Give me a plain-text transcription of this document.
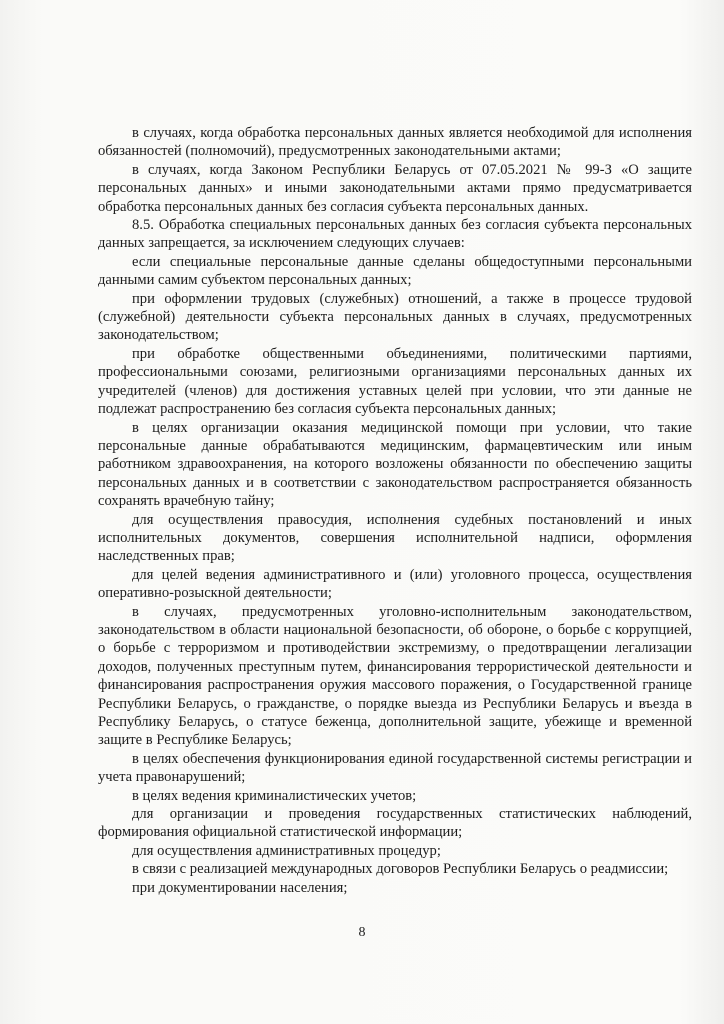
в случаях, когда обработка персональных данных является необходимой для исполнения обязанностей (полномочий), предусмотренных законодательными актами;

в случаях, когда Законом Республики Беларусь от 07.05.2021 № 99-З «О защите персональных данных» и иными законодательными актами прямо предусматривается обработка персональных данных без согласия субъекта персональных данных.

8.5. Обработка специальных персональных данных без согласия субъекта персональных данных запрещается, за исключением следующих случаев:

если специальные персональные данные сделаны общедоступными персональными данными самим субъектом персональных данных;

при оформлении трудовых (служебных) отношений, а также в процессе трудовой (служебной) деятельности субъекта персональных данных в случаях, предусмотренных законодательством;

при обработке общественными объединениями, политическими партиями, профессиональными союзами, религиозными организациями персональных данных их учредителей (членов) для достижения уставных целей при условии, что эти данные не подлежат распространению без согласия субъекта персональных данных;

в целях организации оказания медицинской помощи при условии, что такие персональные данные обрабатываются медицинским, фармацевтическим или иным работником здравоохранения, на которого возложены обязанности по обеспечению защиты персональных данных и в соответствии с законодательством распространяется обязанность сохранять врачебную тайну;

для осуществления правосудия, исполнения судебных постановлений и иных исполнительных документов, совершения исполнительной надписи, оформления наследственных прав;

для целей ведения административного и (или) уголовного процесса, осуществления оперативно-розыскной деятельности;

в случаях, предусмотренных уголовно-исполнительным законодательством, законодательством в области национальной безопасности, об обороне, о борьбе с коррупцией, о борьбе с терроризмом и противодействии экстремизму, о предотвращении легализации доходов, полученных преступным путем, финансирования террористической деятельности и финансирования распространения оружия массового поражения, о Государственной границе Республики Беларусь, о гражданстве, о порядке выезда из Республики Беларусь и въезда в Республику Беларусь, о статусе беженца, дополнительной защите, убежище и временной защите в Республике Беларусь;

в целях обеспечения функционирования единой государственной системы регистрации и учета правонарушений;

в целях ведения криминалистических учетов;

для организации и проведения государственных статистических наблюдений, формирования официальной статистической информации;

для осуществления административных процедур;

в связи с реализацией международных договоров Республики Беларусь о реадмиссии;

при документировании населения;

8
